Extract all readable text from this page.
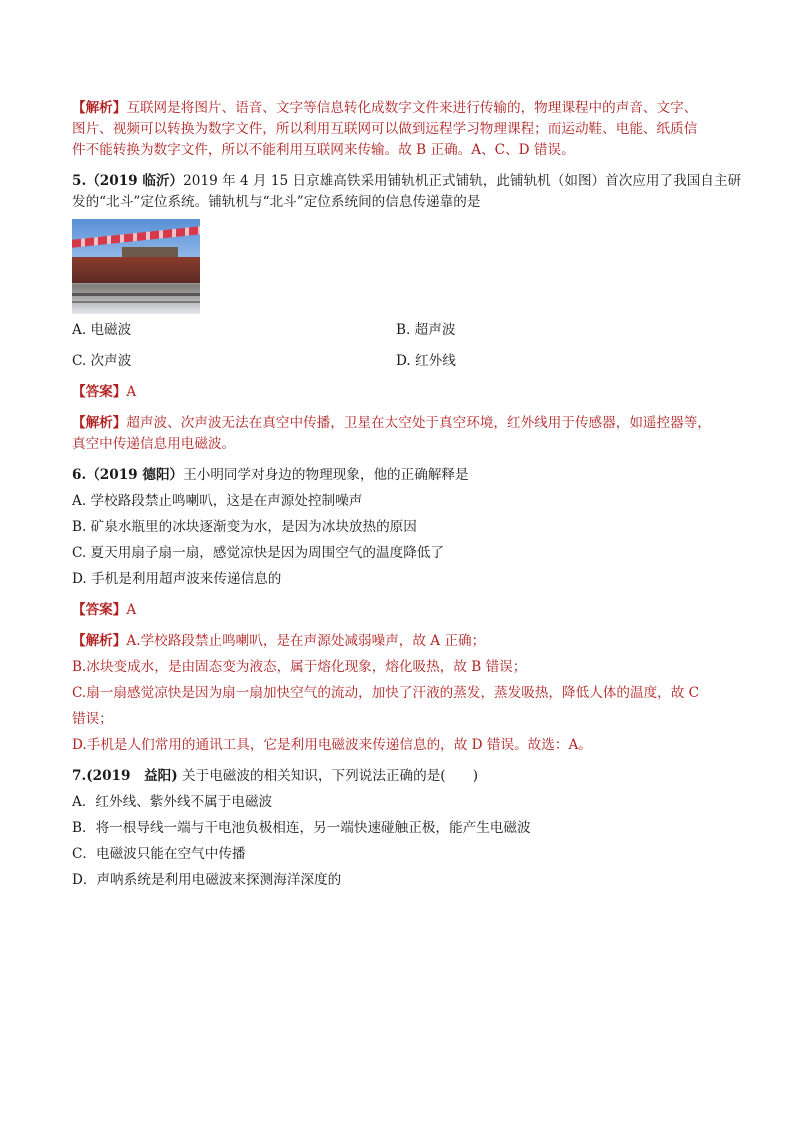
【解析】互联网是将图片、语音、文字等信息转化成数字文件来进行传输的，物理课程中的声音、文字、
图片、视频可以转换为数字文件，所以利用互联网可以做到远程学习物理课程；而运动鞋、电能、纸质信
件不能转换为数字文件，所以不能利用互联网来传输。故 B 正确。A、C、D 错误。
5.（2019 临沂）2019 年 4 月 15 日京雄高铁采用铺轨机正式铺轨，此铺轨机（如图）首次应用了我国自主研
发的“北斗”定位系统。铺轨机与“北斗”定位系统间的信息传递靠的是
A. 电磁波	B. 超声波
C. 次声波	D. 红外线
【答案】A
【解析】超声波、次声波无法在真空中传播，卫星在太空处于真空环境，红外线用于传感器，如遥控器等，
真空中传递信息用电磁波。
6.（2019 德阳）王小明同学对身边的物理现象，他的正确解释是
A. 学校路段禁止鸣喇叭，这是在声源处控制噪声
B. 矿泉水瓶里的冰块逐渐变为水，是因为冰块放热的原因
C. 夏天用扇子扇一扇，感觉凉快是因为周围空气的温度降低了
D. 手机是利用超声波来传递信息的
【答案】A
【解析】A.学校路段禁止鸣喇叭，是在声源处减弱噪声，故 A 正确；
B.冰块变成水，是由固态变为液态，属于熔化现象，熔化吸热，故 B 错误；
C.扇一扇感觉凉快是因为扇一扇加快空气的流动，加快了汗液的蒸发，蒸发吸热，降低人体的温度，故 C
错误；
D.手机是人们常用的通讯工具，它是利用电磁波来传递信息的，故 D 错误。故选：A。
7.(2019　益阳) 关于电磁波的相关知识，下列说法正确的是(　　)
A．红外线、紫外线不属于电磁波
B．将一根导线一端与干电池负极相连，另一端快速碰触正极，能产生电磁波
C．电磁波只能在空气中传播
D．声呐系统是利用电磁波来探测海洋深度的
